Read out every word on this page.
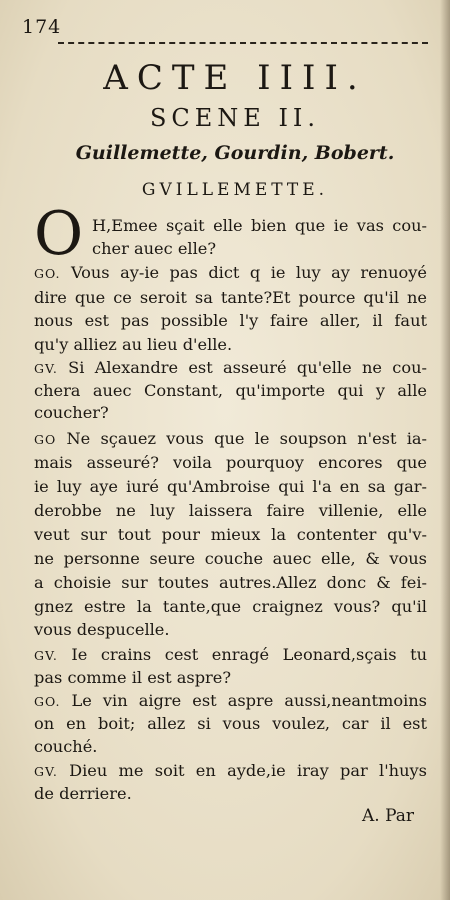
174
ACTE IIII.
SCENE II.
Guillemette, Gourdin, Bobert.
GVILLEMETTE.
O H,Emee sçait elle bien que ie vas cou-
cher auec elle?
GO. Vous ay-ie pas dict q ie luy ay renuoyé
dire que ce seroit sa tante?Et pource qu'il ne
nous est pas possible l'y faire aller, il faut
qu'y alliez au lieu d'elle.
GV. Si Alexandre est asseuré qu'elle ne cou-
chera auec Constant, qu'importe qui y alle
coucher?
GO Ne sçauez vous que le soupson n'est ia-
mais asseuré? voila pourquoy encores que
ie luy aye iuré qu'Ambroise qui l'a en sa gar-
derobbe ne luy laissera faire villenie, elle
veut sur tout pour mieux la contenter qu'v-
ne personne seure couche auec elle, & vous
a choisie sur toutes autres.Allez donc & fei-
gnez estre la tante,que craignez vous? qu'il
vous despucelle.
GV. Ie crains cest enragé Leonard,sçais tu
pas comme il est aspre?
GO. Le vin aigre est aspre aussi,neantmoins
on en boit; allez si vous voulez, car il est
couché.
GV. Dieu me soit en ayde,ie iray par l'huys
de derriere.
A. Par
